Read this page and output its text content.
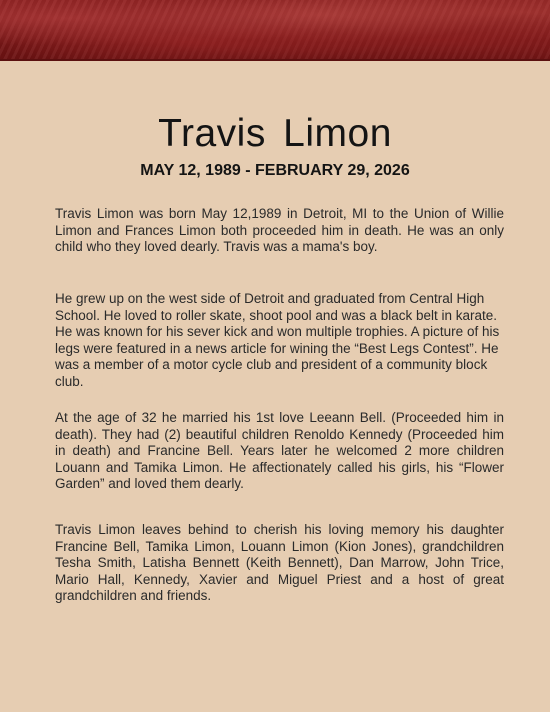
Travis Limon
MAY 12, 1989 - FEBRUARY 29, 2026

Travis Limon was born May 12,1989 in Detroit, MI to the Union of Willie Limon and Frances Limon both proceeded him in death. He was an only child who they loved dearly. Travis was a mama's boy.

He grew up on the west side of Detroit and graduated from Central High School. He loved to roller skate, shoot pool and was a black belt in karate. He was known for his sever kick and won multiple trophies. A picture of his legs were featured in a news article for wining the “Best Legs Contest”. He was a member of a motor cycle club and president of a community block club.

At the age of 32 he married his 1st love Leeann Bell. (Proceeded him in death). They had (2) beautiful children Renoldo Kennedy (Proceeded him in death) and Francine Bell. Years later he welcomed 2 more children Louann and Tamika Limon. He affectionately called his girls, his “Flower Garden” and loved them dearly.

Travis Limon leaves behind to cherish his loving memory his daughter Francine Bell, Tamika Limon, Louann Limon (Kion Jones), grandchildren Tesha Smith, Latisha Bennett (Keith Bennett), Dan Marrow, John Trice, Mario Hall, Kennedy, Xavier and Miguel Priest and a host of great grandchildren and friends.
